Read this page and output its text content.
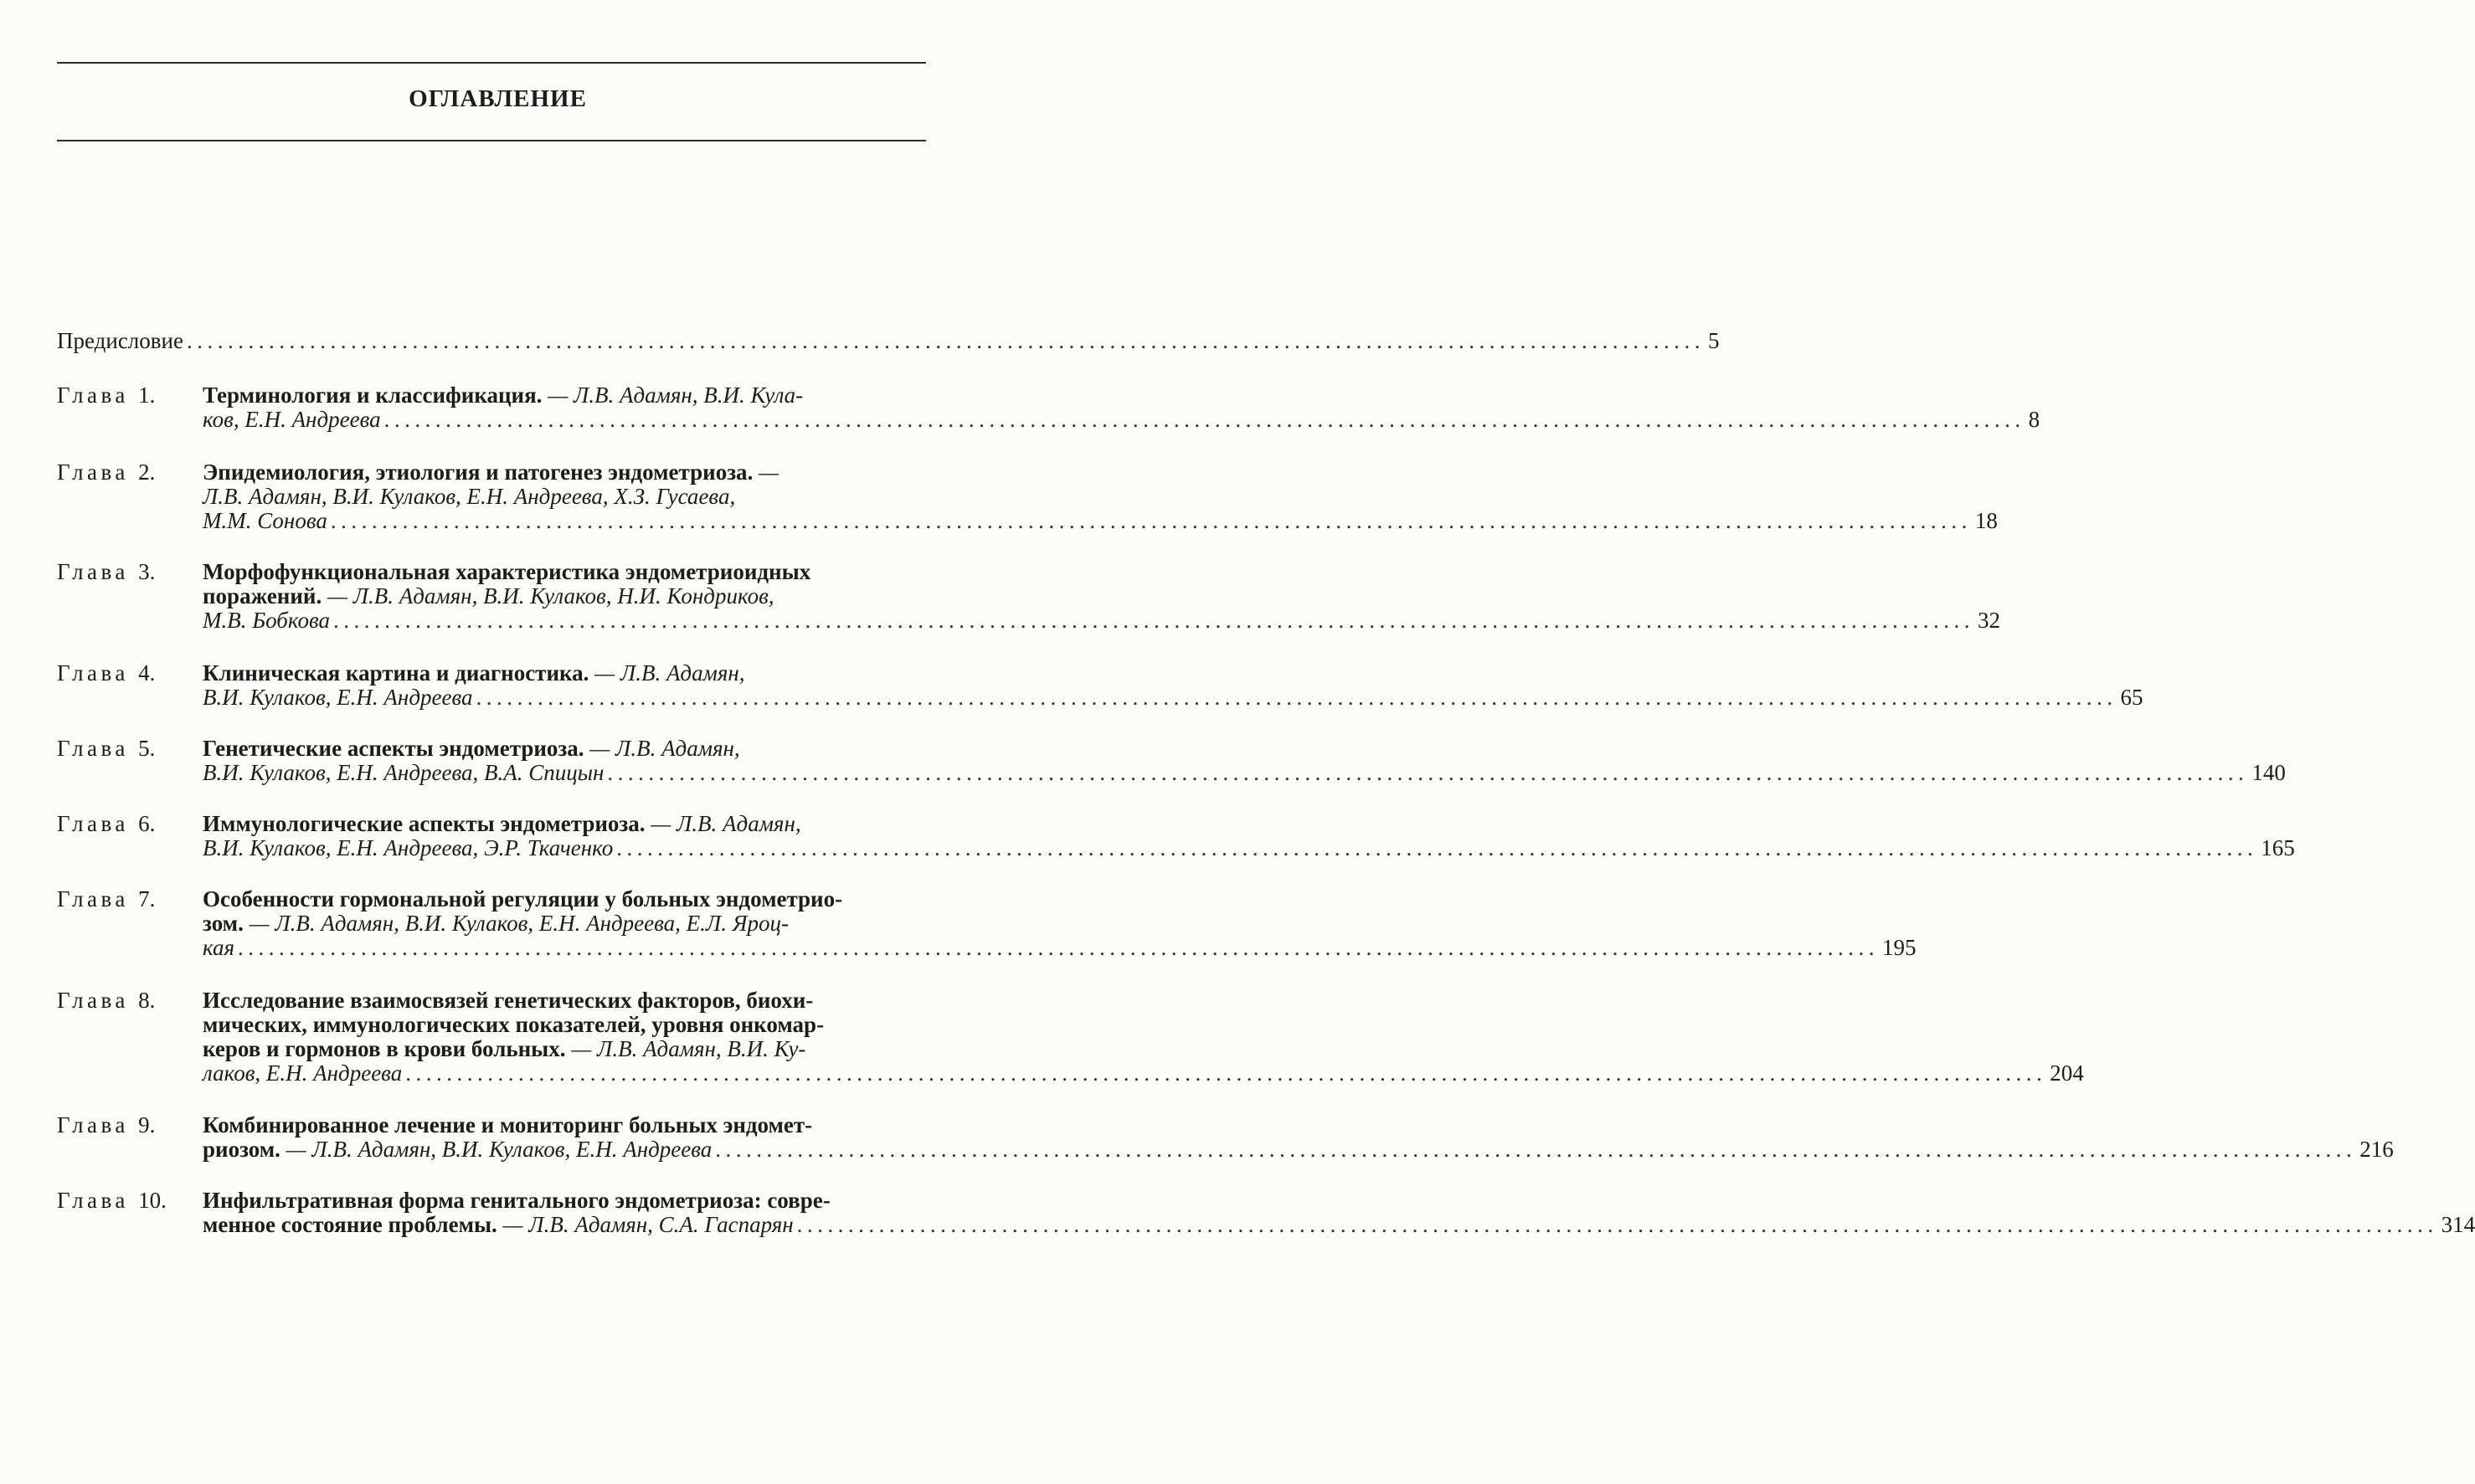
ОГЛАВЛЕНИЕ
Предисловие .................................................................................................................................................... 5
Глава 1.	Терминология и классификация. — Л.В. Адамян, В.И. Кула-
ков, Е.Н. Андреева ................................................................................................................................................................ 8
Глава 2.	Эпидемиология, этиология и патогенез эндометриоза. —
Л.В. Адамян, В.И. Кулаков, Е.Н. Андреева, Х.З. Гусаева,
М.М. Сонова ................................................................................................................................................................ 18
Глава 3.	Морфофункциональная характеристика эндометриоидных
поражений. — Л.В. Адамян, В.И. Кулаков, Н.И. Кондриков,
М.В. Бобкова ................................................................................................................................................................ 32
Глава 4.	Клиническая картина и диагностика. — Л.В. Адамян,
В.И. Кулаков, Е.Н. Андреева ................................................................................................................................................................ 65
Глава 5.	Генетические аспекты эндометриоза. — Л.В. Адамян,
В.И. Кулаков, Е.Н. Андреева, В.А. Спицын ................................................................................................................................................................ 140
Глава 6.	Иммунологические аспекты эндометриоза. — Л.В. Адамян,
В.И. Кулаков, Е.Н. Андреева, Э.Р. Ткаченко ................................................................................................................................................................ 165
Глава 7.	Особенности гормональной регуляции у больных эндометрио-
зом. — Л.В. Адамян, В.И. Кулаков, Е.Н. Андреева, Е.Л. Яроц-
кая ................................................................................................................................................................ 195
Глава 8.	Исследование взаимосвязей генетических факторов, биохи-
мических, иммунологических показателей, уровня онкомар-
керов и гормонов в крови больных. — Л.В. Адамян, В.И. Ку-
лаков, Е.Н. Андреева ................................................................................................................................................................ 204
Глава 9.	Комбинированное лечение и мониторинг больных эндомет-
риозом. — Л.В. Адамян, В.И. Кулаков, Е.Н. Андреева ................................................................................................................................................................ 216
Глава 10.	Инфильтративная форма генитального эндометриоза: совре-
менное состояние проблемы. — Л.В. Адамян, С.А. Гаспарян ................................................................................................................................................................ 314
